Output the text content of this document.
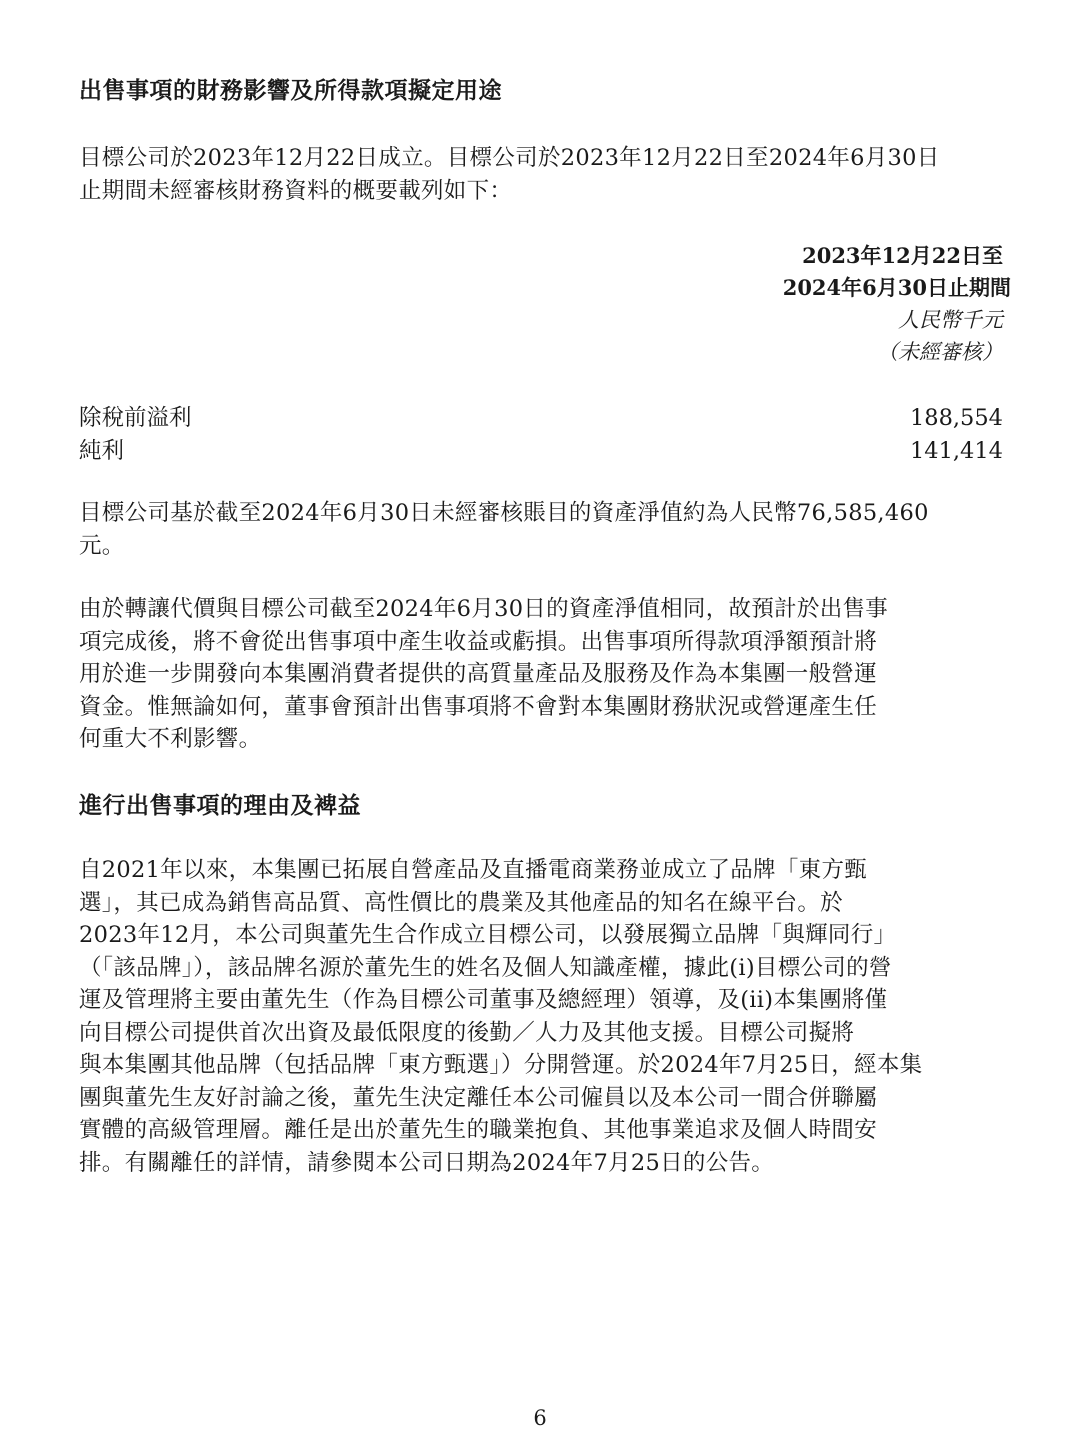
出售事項的財務影響及所得款項擬定用途
目標公司於2023年12月22日成立。目標公司於2023年12月22日至2024年6月30日
止期間未經審核財務資料的概要載列如下：
2023年12月22日至
2024年6月30日止期間
人民幣千元
（未經審核）
除稅前溢利	188,554
純利	141,414
目標公司基於截至2024年6月30日未經審核賬目的資產淨值約為人民幣76,585,460
元。
由於轉讓代價與目標公司截至2024年6月30日的資產淨值相同，故預計於出售事
項完成後，將不會從出售事項中產生收益或虧損。出售事項所得款項淨額預計將
用於進一步開發向本集團消費者提供的高質量產品及服務及作為本集團一般營運
資金。惟無論如何，董事會預計出售事項將不會對本集團財務狀況或營運產生任
何重大不利影響。
進行出售事項的理由及裨益
自2021年以來，本集團已拓展自營產品及直播電商業務並成立了品牌「東方甄
選」，其已成為銷售高品質、高性價比的農業及其他產品的知名在線平台。於
2023年12月，本公司與董先生合作成立目標公司，以發展獨立品牌「與輝同行」
（「該品牌」），該品牌名源於董先生的姓名及個人知識產權，據此(i)目標公司的營
運及管理將主要由董先生（作為目標公司董事及總經理）領導，及(ii)本集團將僅
向目標公司提供首次出資及最低限度的後勤／人力及其他支援。目標公司擬將
與本集團其他品牌（包括品牌「東方甄選」）分開營運。於2024年7月25日，經本集
團與董先生友好討論之後，董先生決定離任本公司僱員以及本公司一間合併聯屬
實體的高級管理層。離任是出於董先生的職業抱負、其他事業追求及個人時間安
排。有關離任的詳情，請參閱本公司日期為2024年7月25日的公告。
6
